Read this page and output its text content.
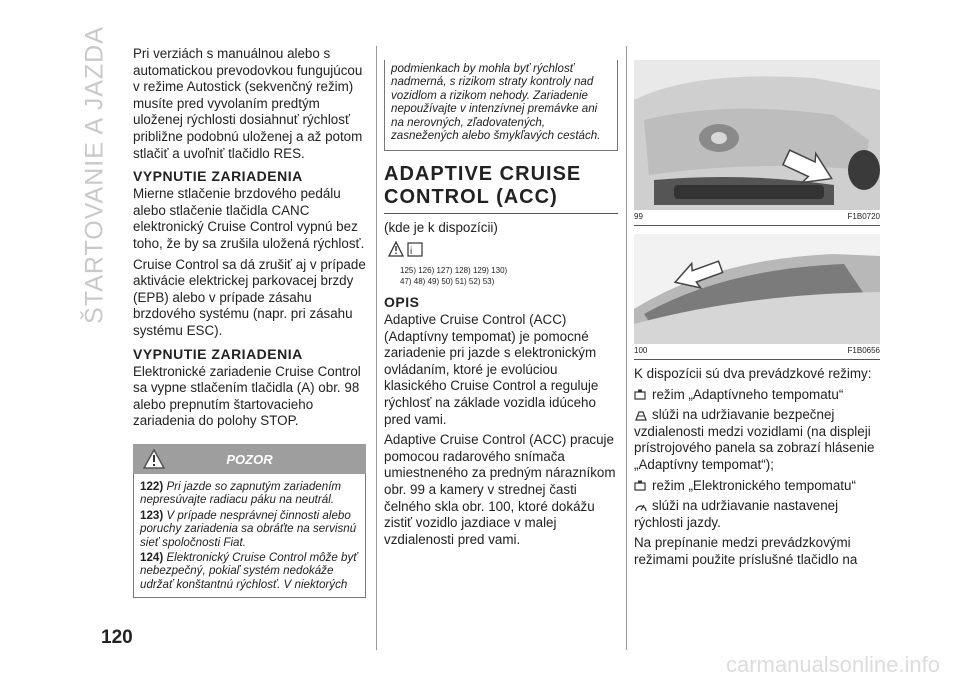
ŠTARTOVANIE A JAZDA Pri verziách s manuálnou alebo s automatickou prevodovkou fungujúcou v režime Autostick (sekvenčný režim) musíte pred vyvolaním predtým uloženej rýchlosti dosiahnuť rýchlosť približne podobnú uloženej a až potom stlačiť a uvoľniť tlačidlo RES.

VYPNUTIE ZARIADENIA

Mierne stlačenie brzdového pedálu alebo stlačenie tlačidla CANC elektronický Cruise Control vypnú bez toho, že by sa zrušila uložená rýchlosť.

Cruise Control sa dá zrušiť aj v prípade aktivácie elektrickej parkovacej brzdy (EPB) alebo v prípade zásahu brzdového systému (napr. pri zásahu systému ESC).

VYPNUTIE ZARIADENIA

Elektronické zariadenie Cruise Control sa vypne stlačením tlačidla (A) obr. 98 alebo prepnutím štartovacieho zariadenia do polohy STOP.

POZOR

122) Pri jazde so zapnutým zariadením nepresúvajte radiacu páku na neutrál.

123) V prípade nesprávnej činnosti alebo poruchy zariadenia sa obráťte na servisnú sieť spoločnosti Fiat.

124) Elektronický Cruise Control môže byť nebezpečný, pokiaľ systém nedokáže udržať konštantnú rýchlosť. V niektorých

podmienkach by mohla byť rýchlosť nadmerná, s rizikom straty kontroly nad vozidlom a rizikom nehody. Zariadenie nepoužívajte v intenzívnej premávke ani na nerovných, zľadovatených, zasnežených alebo šmykľavých cestách.

ADAPTIVE CRUISE CONTROL (ACC)

(kde je k dispozícii)

i
125) 126) 127) 128) 129) 130)
47) 48) 49) 50) 51) 52) 53)
OPIS

Adaptive Cruise Control (ACC) (Adaptívny tempomat) je pomocné zariadenie pri jazde s elektronickým ovládaním, ktoré je evolúciou klasického Cruise Control a reguluje rýchlosť na základe vozidla idúceho pred vami.

Adaptive Cruise Control (ACC) pracuje pomocou radarového snímača umiestneného za predným nárazníkom obr. 99 a kamery v strednej časti čelného skla obr. 100, ktoré dokážu zistiť vozidlo jazdiace v malej vzdialenosti pred vami.

99	F1B0720
100	F1B0656

K dispozícii sú dva prevádzkové režimy:

režim „Adaptívneho tempomatu“

slúži na udržiavanie bezpečnej vzdialenosti medzi vozidlami (na displeji prístrojového panela sa zobrazí hlásenie „Adaptívny tempomat“);

režim „Elektronického tempomatu“

slúži na udržiavanie nastavenej rýchlosti jazdy.

Na prepínanie medzi prevádzkovými režimami použite príslušné tlačidlo na

120
carmanualsonline.info
